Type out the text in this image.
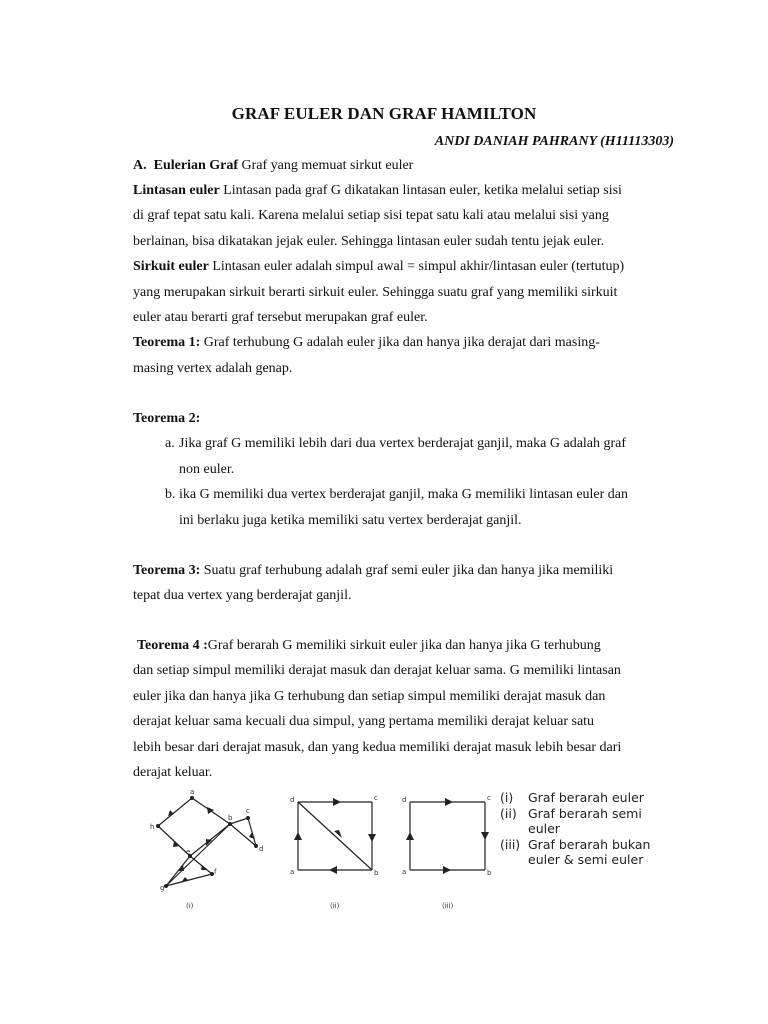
GRAF EULER DAN GRAF HAMILTON
ANDI DANIAH PAHRANY (H11113303)
A. Eulerian Graf Graf yang memuat sirkut euler
Lintasan euler Lintasan pada graf G dikatakan lintasan euler, ketika melalui setiap sisi
di graf tepat satu kali. Karena melalui setiap sisi tepat satu kali atau melalui sisi yang
berlainan, bisa dikatakan jejak euler. Sehingga lintasan euler sudah tentu jejak euler.
Sirkuit euler Lintasan euler adalah simpul awal = simpul akhir/lintasan euler (tertutup)
yang merupakan sirkuit berarti sirkuit euler. Sehingga suatu graf yang memiliki sirkuit
euler atau berarti graf tersebut merupakan graf euler.
Teorema 1: Graf terhubung G adalah euler jika dan hanya jika derajat dari masing-
masing vertex adalah genap.
Teorema 2:
a. Jika graf G memiliki lebih dari dua vertex berderajat ganjil, maka G adalah graf
non euler.
b. ika G memiliki dua vertex berderajat ganjil, maka G memiliki lintasan euler dan
ini berlaku juga ketika memiliki satu vertex berderajat ganjil.
Teorema 3: Suatu graf terhubung adalah graf semi euler jika dan hanya jika memiliki
tepat dua vertex yang berderajat ganjil.
Teorema 4 :Graf berarah G memiliki sirkuit euler jika dan hanya jika G terhubung
dan setiap simpul memiliki derajat masuk dan derajat keluar sama. G memiliki lintasan
euler jika dan hanya jika G terhubung dan setiap simpul memiliki derajat masuk dan
derajat keluar sama kecuali dua simpul, yang pertama memiliki derajat keluar satu
lebih besar dari derajat masuk, dan yang kedua memiliki derajat masuk lebih besar dari
derajat keluar.
a
b
c
d
e
f
g
h
(i)
d	c
b
a
(ii)
d	c
b
a
(iii)
(i) Graf berarah euler
(ii) Graf berarah semi
euler
(iii) Graf berarah bukan
euler & semi euler
